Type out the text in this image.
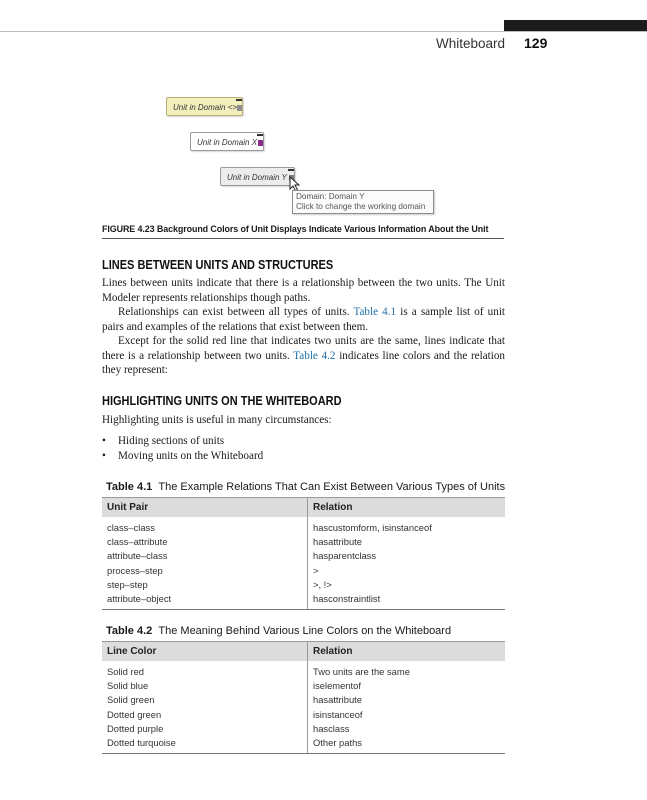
Whiteboard 129
Unit in Domain <>
Unit in Domain X
Unit in Domain Y
Domain: Domain Y
Click to change the working domain
FIGURE 4.23 Background Colors of Unit Displays Indicate Various Information About the Unit
LINES BETWEEN UNITS AND STRUCTURES

Lines between units indicate that there is a relationship between the two units. The Unit Modeler represents relationships though paths.

Relationships can exist between all types of units. Table 4.1 is a sample list of unit pairs and examples of the relations that exist between them.

Except for the solid red line that indicates two units are the same, lines indicate that there is a relationship between two units. Table 4.2 indicates line colors and the relation they represent:

HIGHLIGHTING UNITS ON THE WHITEBOARD

Highlighting units is useful in many circumstances:

• Hiding sections of units
• Moving units on the Whiteboard
Table 4.1 The Example Relations That Can Exist Between Various Types of Units
Unit Pair	Relation
class–class	hascustomform, isinstanceof
class–attribute	hasattribute
attribute–class	hasparentclass
process–step	>
step–step	>, !>
attribute–object	hasconstraintlist
Table 4.2 The Meaning Behind Various Line Colors on the Whiteboard
Line Color	Relation
Solid red	Two units are the same
Solid blue	iselementof
Solid green	hasattribute
Dotted green	isinstanceof
Dotted purple	hasclass
Dotted turquoise	Other paths
